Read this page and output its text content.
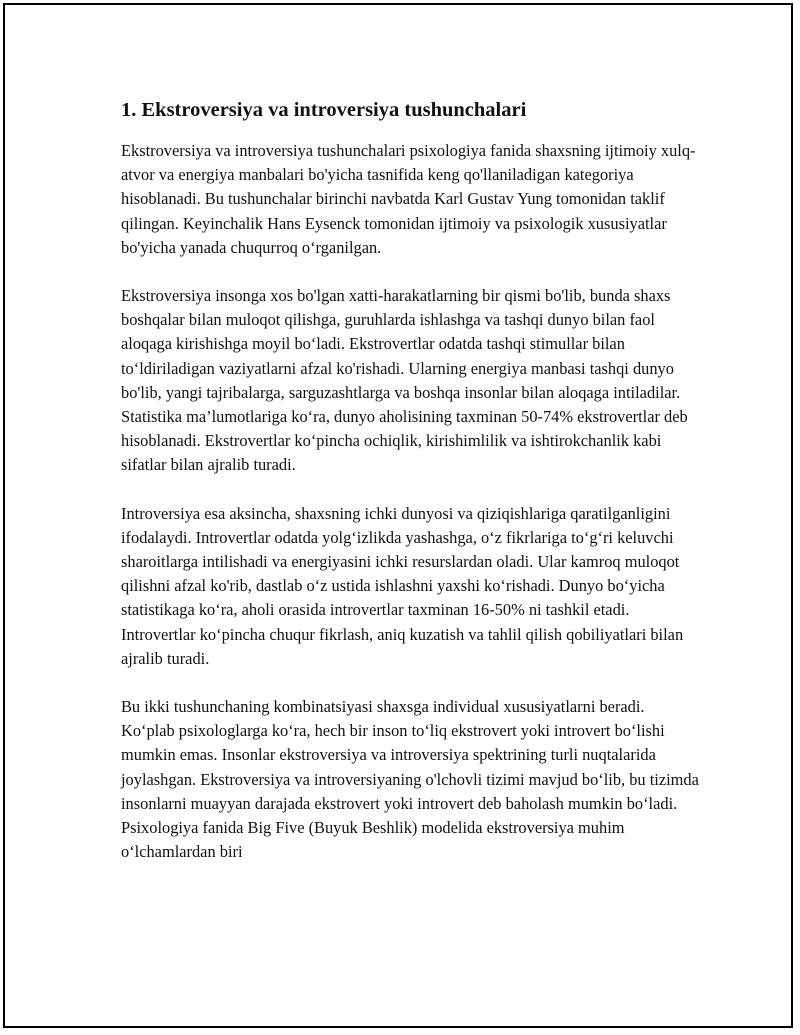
1. Ekstroversiya va introversiya tushunchalari

Ekstroversiya va introversiya tushunchalari psixologiya fanida shaxsning ijtimoiy xulq-atvor va energiya manbalari bo'yicha tasnifida keng qo'llaniladigan kategoriya hisoblanadi. Bu tushunchalar birinchi navbatda Karl Gustav Yung tomonidan taklif qilingan. Keyinchalik Hans Eysenck tomonidan ijtimoiy va psixologik xususiyatlar bo'yicha yanada chuqurroq o‘rganilgan.

Ekstroversiya insonga xos bo'lgan xatti-harakatlarning bir qismi bo'lib, bunda shaxs boshqalar bilan muloqot qilishga, guruhlarda ishlashga va tashqi dunyo bilan faol aloqaga kirishishga moyil bo‘ladi. Ekstrovertlar odatda tashqi stimullar bilan to‘ldiriladigan vaziyatlarni afzal ko'rishadi. Ularning energiya manbasi tashqi dunyo bo'lib, yangi tajribalarga, sarguzashtlarga va boshqa insonlar bilan aloqaga intiladilar. Statistika ma’lumotlariga ko‘ra, dunyo aholisining taxminan 50-74% ekstrovertlar deb hisoblanadi. Ekstrovertlar ko‘pincha ochiqlik, kirishimlilik va ishtirokchanlik kabi sifatlar bilan ajralib turadi.

Introversiya esa aksincha, shaxsning ichki dunyosi va qiziqishlariga qaratilganligini ifodalaydi. Introvertlar odatda yolg‘izlikda yashashga, o‘z fikrlariga to‘g‘ri keluvchi sharoitlarga intilishadi va energiyasini ichki resurslardan oladi. Ular kamroq muloqot qilishni afzal ko'rib, dastlab o‘z ustida ishlashni yaxshi ko‘rishadi. Dunyo bo‘yicha statistikaga ko‘ra, aholi orasida introvertlar taxminan 16-50% ni tashkil etadi. Introvertlar ko‘pincha chuqur fikrlash, aniq kuzatish va tahlil qilish qobiliyatlari bilan ajralib turadi.

Bu ikki tushunchaning kombinatsiyasi shaxsga individual xususiyatlarni beradi. Ko‘plab psixologlarga ko‘ra, hech bir inson to‘liq ekstrovert yoki introvert bo‘lishi mumkin emas. Insonlar ekstroversiya va introversiya spektrining turli nuqtalarida joylashgan. Ekstroversiya va introversiyaning o'lchovli tizimi mavjud bo‘lib, bu tizimda insonlarni muayyan darajada ekstrovert yoki introvert deb baholash mumkin bo‘ladi. Psixologiya fanida Big Five (Buyuk Beshlik) modelida ekstroversiya muhim o‘lchamlardan biri
